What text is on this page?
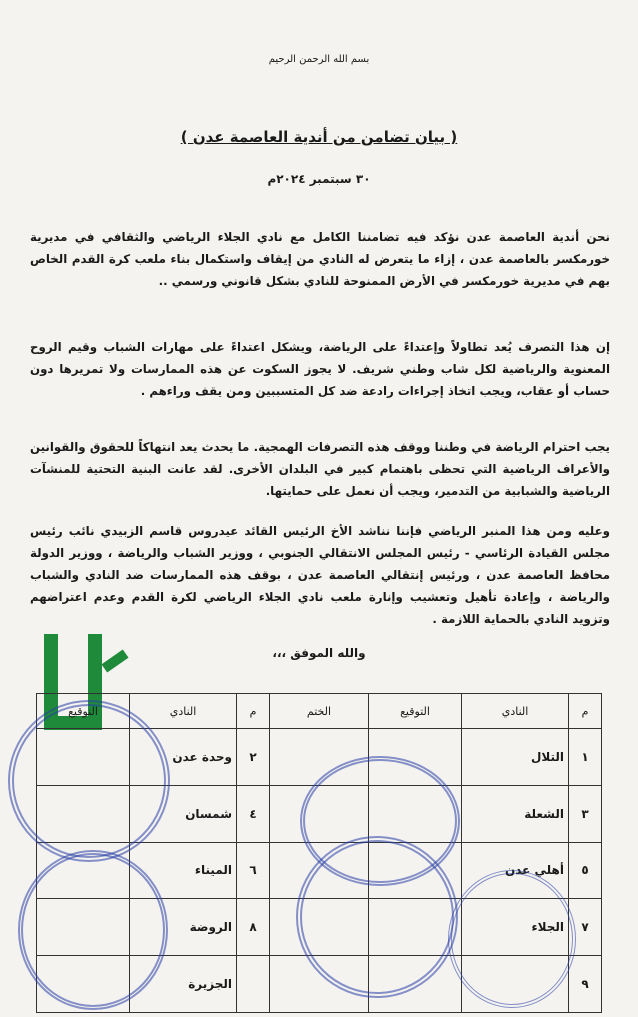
بسم الله الرحمن الرحيم
( بيان تضامن من أندية العاصمة عدن )
٣٠ سبتمبر ٢٠٢٤م
نحن أندية العاصمة عدن نؤكد فيه تضامننا الكامل مع نادي الجلاء الرياضي والثقافي في مديرية خورمكسر بالعاصمة عدن ، إزاء ما يتعرض له النادي من إيقاف واستكمال بناء ملعب كرة القدم الخاص بهم في مديرية خورمكسر في الأرض الممنوحة للنادي بشكل قانوني ورسمي ..
إن هذا التصرف يُعد تطاولاً وإعتداءً على الرياضة، ويشكل اعتداءً على مهارات الشباب وقيم الروح المعنوية والرياضية لكل شاب وطني شريف. لا يجوز السكوت عن هذه الممارسات ولا تمريرها دون حساب أو عقاب، ويجب اتخاذ إجراءات رادعة ضد كل المتسببين ومن يقف وراءهم .
يجب احترام الرياضة في وطننا ووقف هذه التصرفات الهمجية. ما يحدث يعد انتهاكاً للحقوق والقوانين والأعراف الرياضية التي تحظى باهتمام كبير في البلدان الأخرى. لقد عانت البنية التحتية للمنشآت الرياضية والشبابية من التدمير، ويجب أن نعمل على حمايتها.
وعليه ومن هذا المنبر الرياضي فإننا نناشد الأخ الرئيس القائد عيدروس قاسم الزبيدي نائب رئيس مجلس القيادة الرئاسي - رئيس المجلس الانتقالي الجنوبي ، ووزير الشباب والرياضة ، ووزير الدولة محافظ العاصمة عدن ، ورئيس إنتقالي العاصمة عدن ، بوقف هذه الممارسات ضد النادي والشباب والرياضة ، وإعادة تأهيل وتعشيب وإنارة ملعب نادي الجلاء الرياضي لكرة القدم وعدم اعتراضهم وتزويد النادي بالحماية اللازمة .
والله الموفق ،،،
م	النادي	التوقيع	الختم	م	النادي	التوقيع
١	التلال			٢	وحدة عدن	
٣	الشعلة			٤	شمسان	
٥	أهلي عدن			٦	الميناء	
٧	الجلاء			٨	الروضة	
٩					الجزيرة	
